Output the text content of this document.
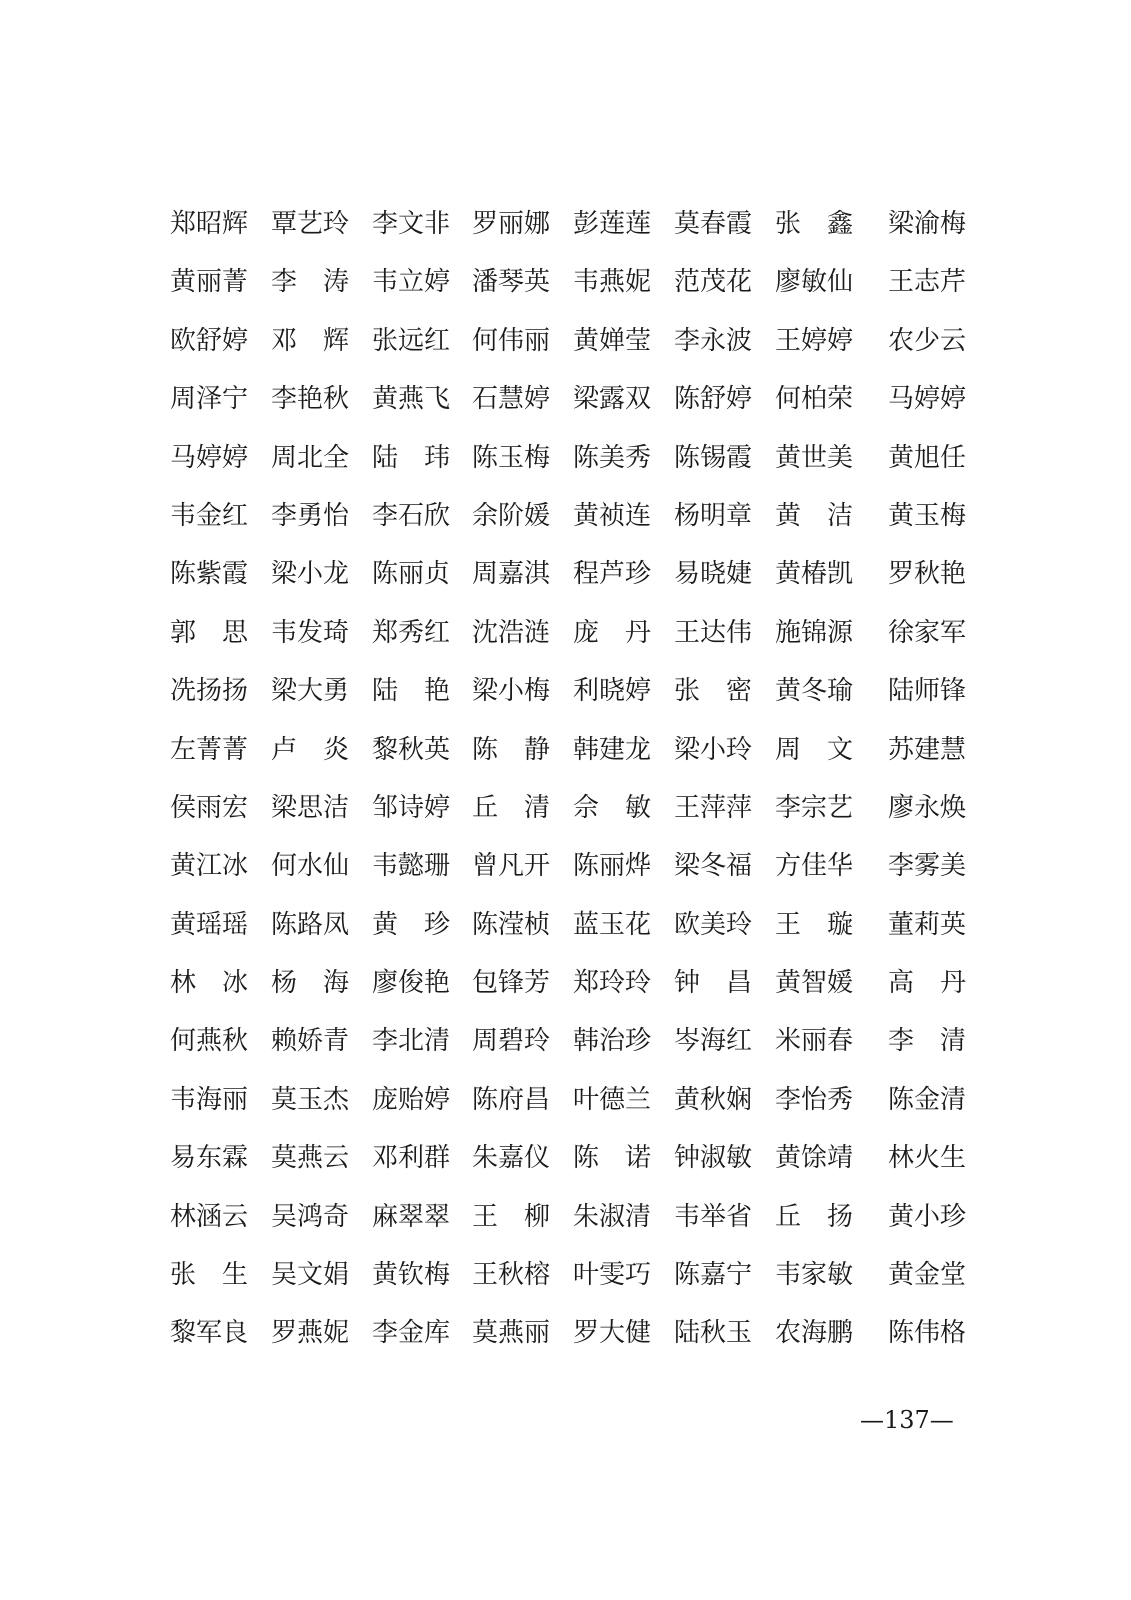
郑 昭 辉 覃 艺 玲 李 文 非 罗 丽 娜 彭 莲 莲 莫 春 霞 张 鑫 梁 渝 梅
黄 丽 菁 李 涛 韦 立 婷 潘 琴 英 韦 燕 妮 范 茂 花 廖 敏 仙 王 志 芹
欧 舒 婷 邓 辉 张 远 红 何 伟 丽 黄 婵 莹 李 永 波 王 婷 婷 农 少 云
周 泽 宁 李 艳 秋 黄 燕 飞 石 慧 婷 梁 露 双 陈 舒 婷 何 柏 荣 马 婷 婷
马 婷 婷 周 北 全 陆 玮 陈 玉 梅 陈 美 秀 陈 锡 霞 黄 世 美 黄 旭 任
韦 金 红 李 勇 怡 李 石 欣 余 阶 媛 黄 祯 连 杨 明 章 黄 洁 黄 玉 梅
陈 紫 霞 梁 小 龙 陈 丽 贞 周 嘉 淇 程 芦 珍 易 晓 婕 黄 椿 凯 罗 秋 艳
郭 思 韦 发 琦 郑 秀 红 沈 浩 涟 庞 丹 王 达 伟 施 锦 源 徐 家 军
冼 扬 扬 梁 大 勇 陆 艳 梁 小 梅 利 晓 婷 张 密 黄 冬 瑜 陆 师 锋
左 菁 菁 卢 炎 黎 秋 英 陈 静 韩 建 龙 梁 小 玲 周 文 苏 建 慧
侯 雨 宏 梁 思 洁 邹 诗 婷 丘 清 佘 敏 王 萍 萍 李 宗 艺 廖 永 焕
黄 江 冰 何 水 仙 韦 懿 珊 曾 凡 开 陈 丽 烨 梁 冬 福 方 佳 华 李 雾 美
黄 瑶 瑶 陈 路 凤 黄 珍 陈 滢 桢 蓝 玉 花 欧 美 玲 王 璇 董 莉 英
林 冰 杨 海 廖 俊 艳 包 锋 芳 郑 玲 玲 钟 昌 黄 智 媛 高 丹
何 燕 秋 赖 娇 青 李 北 清 周 碧 玲 韩 治 珍 岑 海 红 米 丽 春 李 清
韦 海 丽 莫 玉 杰 庞 贻 婷 陈 府 昌 叶 德 兰 黄 秋 娴 李 怡 秀 陈 金 清
易 东 霖 莫 燕 云 邓 利 群 朱 嘉 仪 陈 诺 钟 淑 敏 黄 馀 靖 林 火 生
林 涵 云 吴 鸿 奇 麻 翠 翠 王 柳 朱 淑 清 韦 举 省 丘 扬 黄 小 珍
张 生 吴 文 娟 黄 钦 梅 王 秋 榕 叶 雯 巧 陈 嘉 宁 韦 家 敏 黄 金 堂
黎 军 良 罗 燕 妮 李 金 库 莫 燕 丽 罗 大 健 陆 秋 玉 农 海 鹏 陈 伟 格
—137—
